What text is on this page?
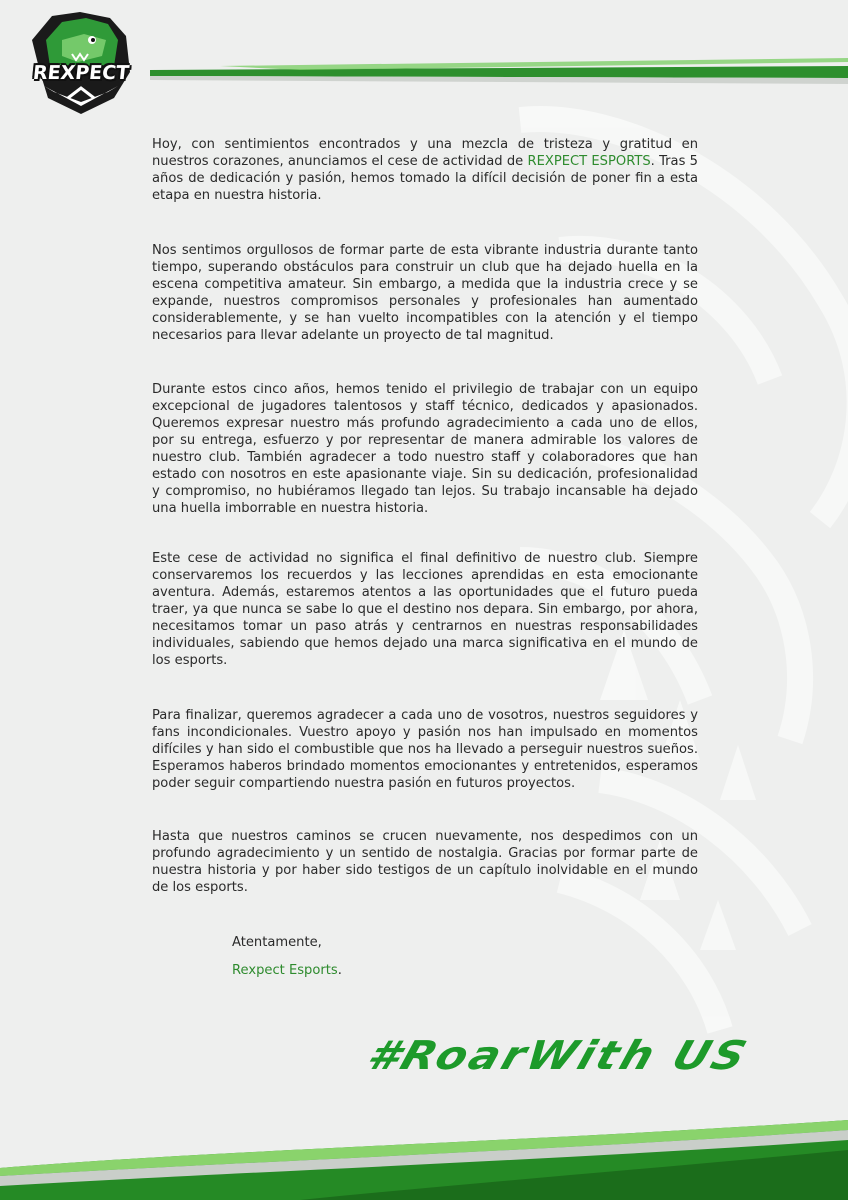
REXPECT

Hoy, con sentimientos encontrados y una mezcla de tristeza y gratitud en nuestros corazones, anunciamos el cese de actividad de REXPECT ESPORTS. Tras 5 años de dedicación y pasión, hemos tomado la difícil decisión de poner fin a esta etapa en nuestra historia.

Nos sentimos orgullosos de formar parte de esta vibrante industria durante tanto tiempo, superando obstáculos para construir un club que ha dejado huella en la escena competitiva amateur. Sin embargo, a medida que la industria crece y se expande, nuestros compromisos personales y profesionales han aumentado considerablemente, y se han vuelto incompatibles con la atención y el tiempo necesarios para llevar adelante un proyecto de tal magnitud.

Durante estos cinco años, hemos tenido el privilegio de trabajar con un equipo excepcional de jugadores talentosos y staff técnico, dedicados y apasionados. Queremos expresar nuestro más profundo agradecimiento a cada uno de ellos, por su entrega, esfuerzo y por representar de manera admirable los valores de nuestro club. También agradecer a todo nuestro staff y colaboradores que han estado con nosotros en este apasionante viaje. Sin su dedicación, profesionalidad y compromiso, no hubiéramos llegado tan lejos. Su trabajo incansable ha dejado una huella imborrable en nuestra historia.

Este cese de actividad no significa el final definitivo de nuestro club. Siempre conservaremos los recuerdos y las lecciones aprendidas en esta emocionante aventura. Además, estaremos atentos a las oportunidades que el futuro pueda traer, ya que nunca se sabe lo que el destino nos depara. Sin embargo, por ahora, necesitamos tomar un paso atrás y centrarnos en nuestras responsabilidades individuales, sabiendo que hemos dejado una marca significativa en el mundo de los esports.

Para finalizar, queremos agradecer a cada uno de vosotros, nuestros seguidores y fans incondicionales. Vuestro apoyo y pasión nos han impulsado en momentos difíciles y han sido el combustible que nos ha llevado a perseguir nuestros sueños. Esperamos haberos brindado momentos emocionantes y entretenidos, esperamos poder seguir compartiendo nuestra pasión en futuros proyectos.

Hasta que nuestros caminos se crucen nuevamente, nos despedimos con un profundo agradecimiento y un sentido de nostalgia. Gracias por formar parte de nuestra historia y por haber sido testigos de un capítulo inolvidable en el mundo de los esports.

Atentamente,
Rexpect Esports.
#RoarWith US
